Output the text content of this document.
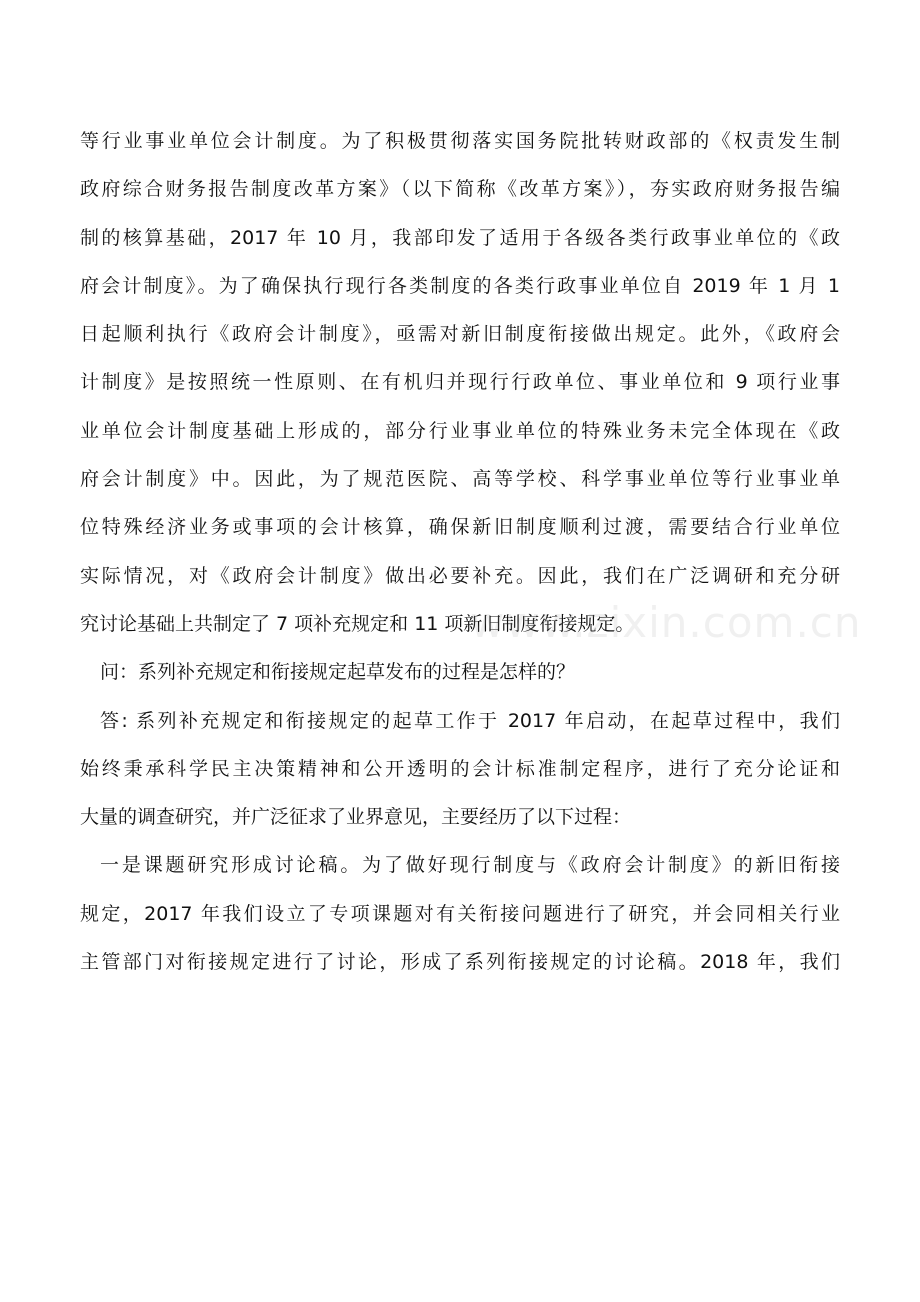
等行业事业单位会计制度。为了积极贯彻落实国务院批转财政部的《权责发生制
政府综合财务报告制度改革方案》（以下简称《改革方案》），夯实政府财务报告编
制的核算基础，2017 年 10 月，我部印发了适用于各级各类行政事业单位的《政
府会计制度》。为了确保执行现行各类制度的各类行政事业单位自 2019 年 1 月 1
日起顺利执行《政府会计制度》，亟需对新旧制度衔接做出规定。此外，《政府会
计制度》是按照统一性原则、在有机归并现行行政单位、事业单位和 9 项行业事
业单位会计制度基础上形成的，部分行业事业单位的特殊业务未完全体现在《政
府会计制度》中。因此，为了规范医院、高等学校、科学事业单位等行业事业单
位特殊经济业务或事项的会计核算，确保新旧制度顺利过渡，需要结合行业单位
实际情况，对《政府会计制度》做出必要补充。因此，我们在广泛调研和充分研
究讨论基础上共制定了 7 项补充规定和 11 项新旧制度衔接规定。
问：系列补充规定和衔接规定起草发布的过程是怎样的？
答: 系列补充规定和衔接规定的起草工作于 2017 年启动，在起草过程中，我们
始终秉承科学民主决策精神和公开透明的会计标准制定程序，进行了充分论证和
大量的调查研究，并广泛征求了业界意见，主要经历了以下过程：
一是课题研究形成讨论稿。为了做好现行制度与《政府会计制度》的新旧衔接
规定，2017 年我们设立了专项课题对有关衔接问题进行了研究，并会同相关行业
主管部门对衔接规定进行了讨论，形成了系列衔接规定的讨论稿。2018 年，我们
www.zixin.com.cn
